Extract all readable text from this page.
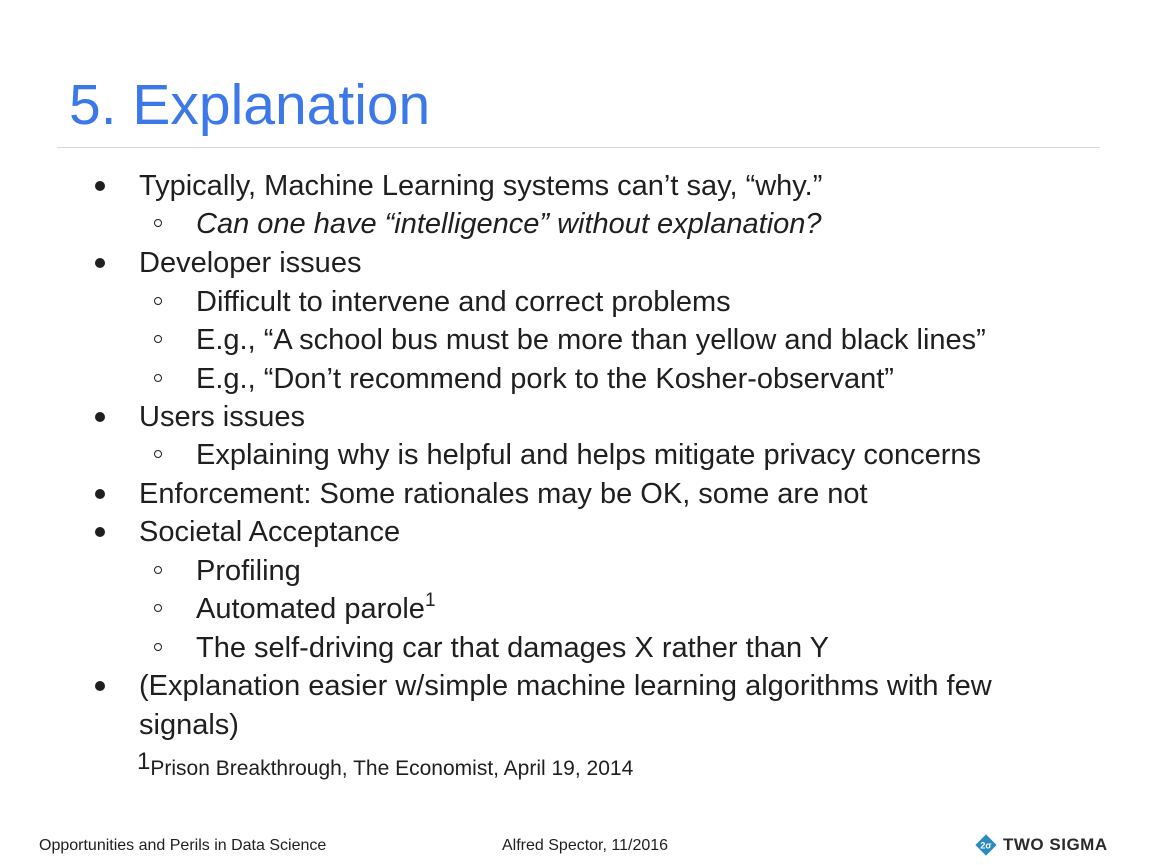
5. Explanation
Typically, Machine Learning systems can’t say, “why.”
Can one have “intelligence” without explanation?
Developer issues
Difficult to intervene and correct problems
E.g., “A school bus must be more than yellow and black lines”
E.g., “Don’t recommend pork to the Kosher-observant”
Users issues
Explaining why is helpful and helps mitigate privacy concerns
Enforcement: Some rationales may be OK, some are not
Societal Acceptance
Profiling
Automated parole$^1$
The self-driving car that damages X rather than Y
(Explanation easier w/simple machine learning algorithms with few
signals)
1Prison Breakthrough, The Economist, April 19, 2014
Opportunities and Perils in Data Science	Alfred Spector, 11/2016	2σ TWO SIGMA
